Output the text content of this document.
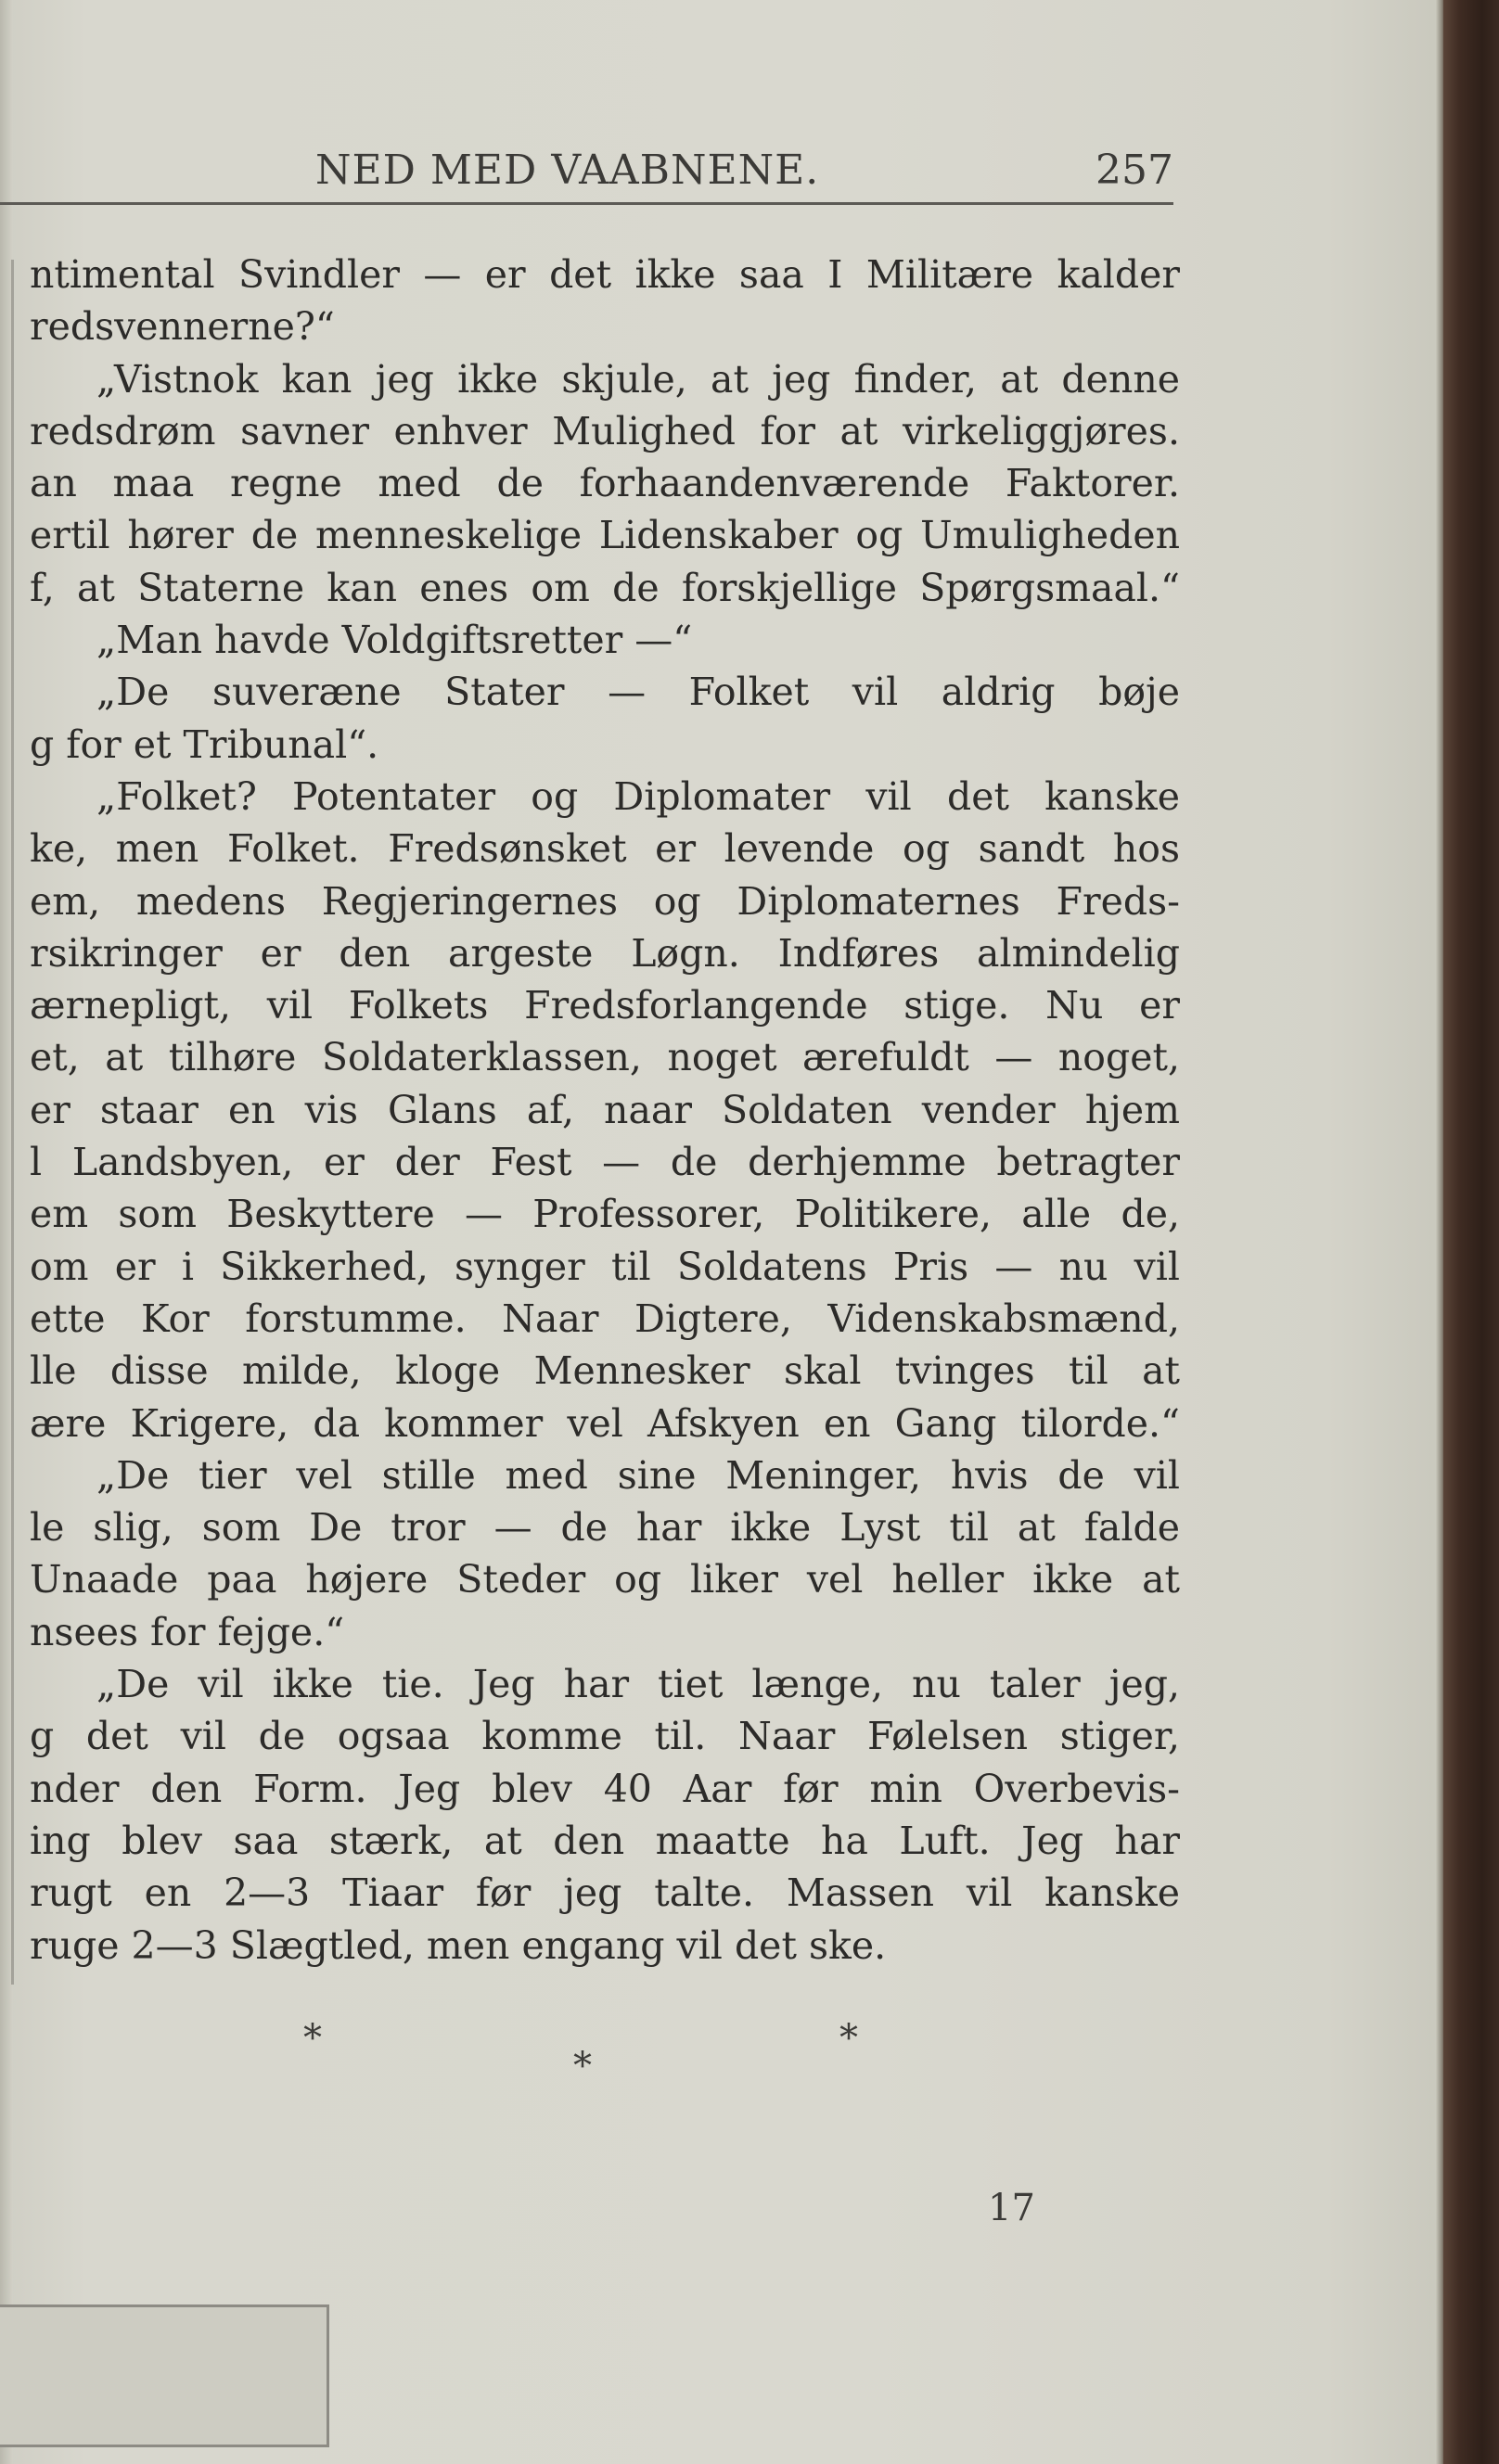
NED MED VAABNENE.	257
ntimental Svindler — er det ikke saa I Militære kalder
redsvennerne?“
„Vistnok kan jeg ikke skjule, at jeg finder, at denne
redsdrøm savner enhver Mulighed for at virkeliggjøres.
an maa regne med de forhaandenværende Faktorer.
ertil hører de menneskelige Lidenskaber og Umuligheden
f, at Staterne kan enes om de forskjellige Spørgsmaal.“
„Man havde Voldgiftsretter —“
„De suveræne Stater — Folket vil aldrig bøje
g for et Tribunal“.
„Folket? Potentater og Diplomater vil det kanske
ke, men Folket. Fredsønsket er levende og sandt hos
em, medens Regjeringernes og Diplomaternes Freds-
rsikringer er den argeste Løgn. Indføres almindelig
ærnepligt, vil Folkets Fredsforlangende stige. Nu er
et, at tilhøre Soldaterklassen, noget ærefuldt — noget,
er staar en vis Glans af, naar Soldaten vender hjem
l Landsbyen, er der Fest — de derhjemme betragter
em som Beskyttere — Professorer, Politikere, alle de,
om er i Sikkerhed, synger til Soldatens Pris — nu vil
ette Kor forstumme. Naar Digtere, Videnskabsmænd,
lle disse milde, kloge Mennesker skal tvinges til at
ære Krigere, da kommer vel Afskyen en Gang tilorde.“
„De tier vel stille med sine Meninger, hvis de vil
le slig, som De tror — de har ikke Lyst til at falde
Unaade paa højere Steder og liker vel heller ikke at
nsees for fejge.“
„De vil ikke tie. Jeg har tiet længe, nu taler jeg,
g det vil de ogsaa komme til. Naar Følelsen stiger,
nder den Form. Jeg blev 40 Aar før min Overbevis-
ing blev saa stærk, at den maatte ha Luft. Jeg har
rugt en 2—3 Tiaar før jeg talte. Massen vil kanske
ruge 2—3 Slægtled, men engang vil det ske.
*
*
*
17
